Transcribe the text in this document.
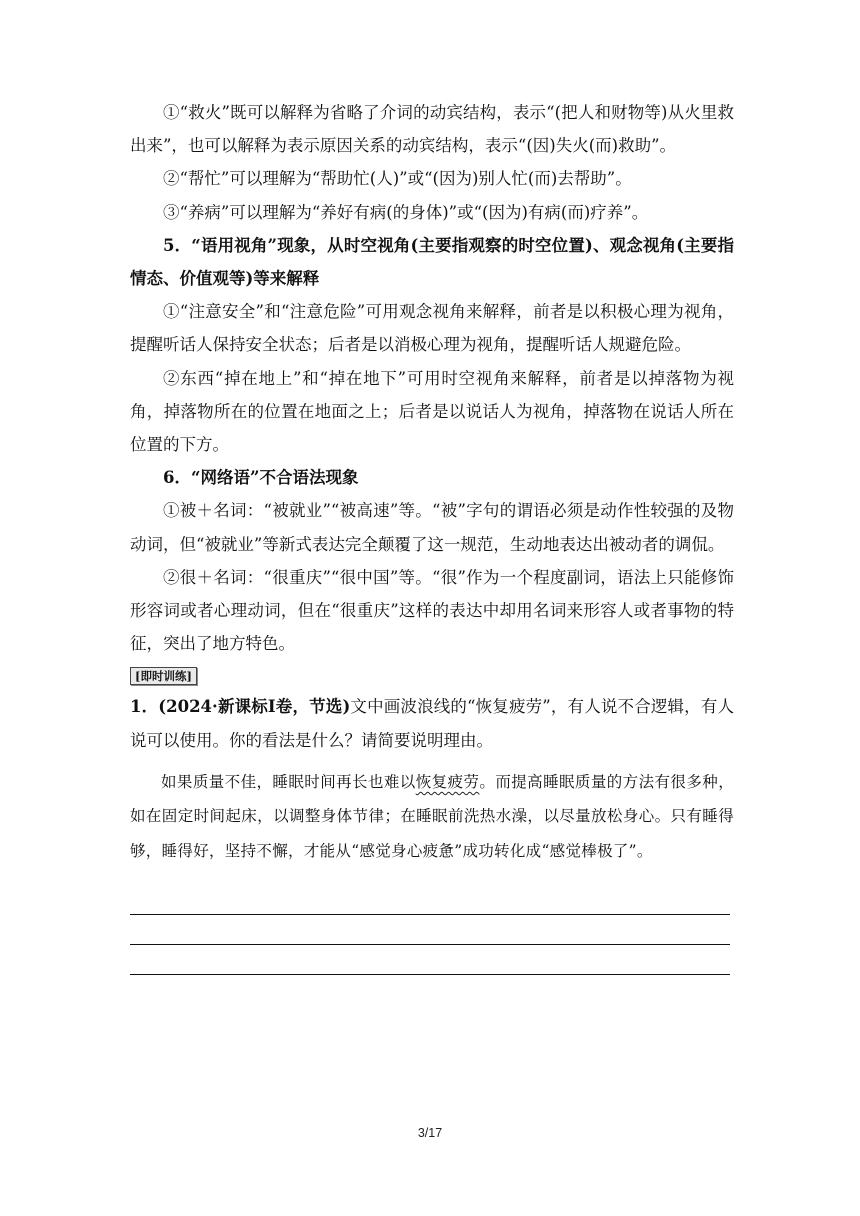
①“救火”既可以解释为省略了介词的动宾结构，表示“(把人和财物等)从火里救出来”，也可以解释为表示原因关系的动宾结构，表示“(因)失火(而)救助”。

②“帮忙”可以理解为“帮助忙(人)”或“(因为)别人忙(而)去帮助”。

③“养病”可以理解为“养好有病(的身体)”或“(因为)有病(而)疗养”。

5．“语用视角”现象，从时空视角(主要指观察的时空位置)、观念视角(主要指情态、价值观等)等来解释

①“注意安全”和“注意危险”可用观念视角来解释，前者是以积极心理为视角，提醒听话人保持安全状态；后者是以消极心理为视角，提醒听话人规避危险。

②东西“掉在地上”和“掉在地下”可用时空视角来解释，前者是以掉落物为视角，掉落物所在的位置在地面之上；后者是以说话人为视角，掉落物在说话人所在位置的下方。

6．“网络语”不合语法现象

①被＋名词：“被就业”“被高速”等。“被”字句的谓语必须是动作性较强的及物动词，但“被就业”等新式表达完全颠覆了这一规范，生动地表达出被动者的调侃。

②很＋名词：“很重庆”“很中国”等。“很”作为一个程度副词，语法上只能修饰形容词或者心理动词，但在“很重庆”这样的表达中却用名词来形容人或者事物的特征，突出了地方特色。

[即时训练]

1．(2024·新课标Ⅰ卷，节选)文中画波浪线的“恢复疲劳”，有人说不合逻辑，有人说可以使用。你的看法是什么？请简要说明理由。

如果质量不佳，睡眠时间再长也难以恢复疲劳。而提高睡眠质量的方法有很多种，如在固定时间起床，以调整身体节律；在睡眠前洗热水澡，以尽量放松身心。只有睡得够，睡得好，坚持不懈，才能从“感觉身心疲惫”成功转化成“感觉棒极了”。

3/17
